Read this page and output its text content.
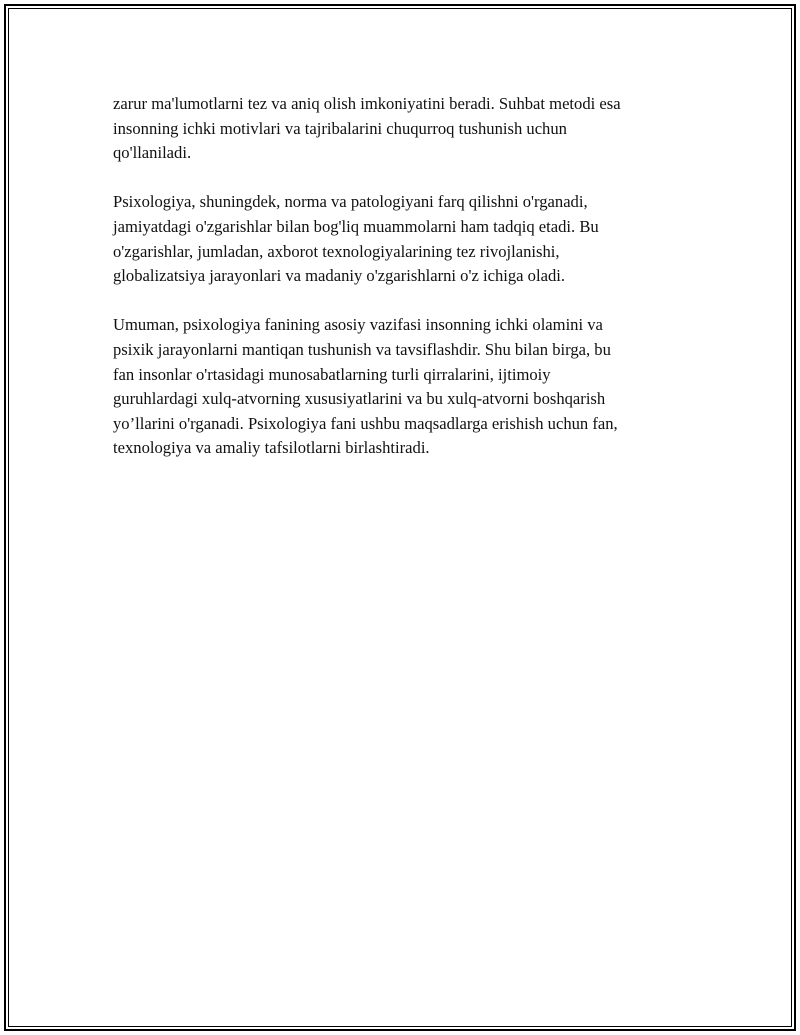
zarur ma'lumotlarni tez va aniq olish imkoniyatini beradi. Suhbat metodi esa
insonning ichki motivlari va tajribalarini chuqurroq tushunish uchun
qo'llaniladi.

Psixologiya, shuningdek, norma va patologiyani farq qilishni o'rganadi,
jamiyatdagi o'zgarishlar bilan bog'liq muammolarni ham tadqiq etadi. Bu
o'zgarishlar, jumladan, axborot texnologiyalarining tez rivojlanishi,
globalizatsiya jarayonlari va madaniy o'zgarishlarni o'z ichiga oladi.

Umuman, psixologiya fanining asosiy vazifasi insonning ichki olamini va
psixik jarayonlarni mantiqan tushunish va tavsiflashdir. Shu bilan birga, bu
fan insonlar o'rtasidagi munosabatlarning turli qirralarini, ijtimoiy
guruhlardagi xulq-atvorning xususiyatlarini va bu xulq-atvorni boshqarish
yo’llarini o'rganadi. Psixologiya fani ushbu maqsadlarga erishish uchun fan,
texnologiya va amaliy tafsilotlarni birlashtiradi.
